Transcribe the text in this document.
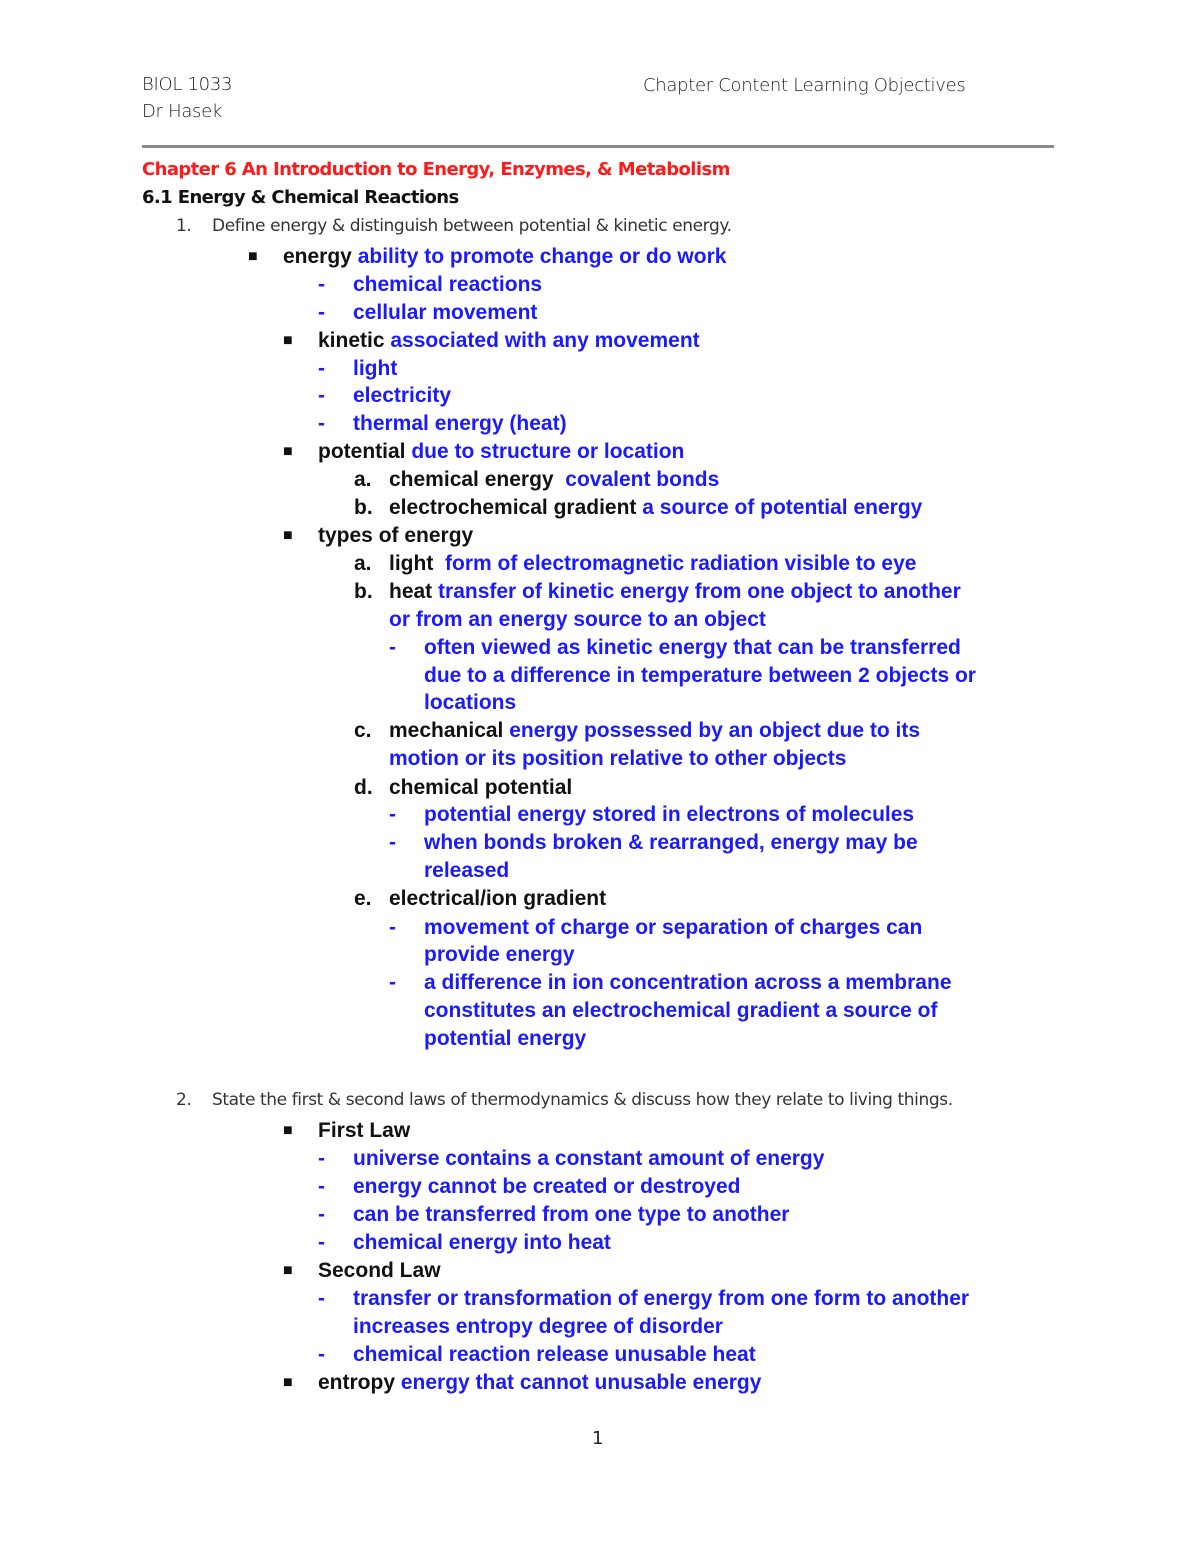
BIOL 1033
Dr Hasek
Chapter Content Learning Objectives
Chapter 6 An Introduction to Energy, Enzymes, & Metabolism
6.1 Energy & Chemical Reactions
1. Define energy & distinguish between potential & kinetic energy.
■ energy ability to promote change or do work
- chemical reactions
- cellular movement
■ kinetic associated with any movement
- light
- electricity
- thermal energy (heat)
■ potential due to structure or location
a. chemical energy covalent bonds
b. electrochemical gradient a source of potential energy
■ types of energy
a. light form of electromagnetic radiation visible to eye
b. heat transfer of kinetic energy from one object to another
or from an energy source to an object
- often viewed as kinetic energy that can be transferred
due to a difference in temperature between 2 objects or
locations
c. mechanical energy possessed by an object due to its
motion or its position relative to other objects
d. chemical potential
- potential energy stored in electrons of molecules
- when bonds broken & rearranged, energy may be
released
e. electrical/ion gradient
- movement of charge or separation of charges can
provide energy
- a difference in ion concentration across a membrane
constitutes an electrochemical gradient a source of
potential energy
2. State the first & second laws of thermodynamics & discuss how they relate to living things.
■ First Law
- universe contains a constant amount of energy
- energy cannot be created or destroyed
- can be transferred from one type to another
- chemical energy into heat
■ Second Law
- transfer or transformation of energy from one form to another
increases entropy degree of disorder
- chemical reaction release unusable heat
■ entropy energy that cannot unusable energy
1
